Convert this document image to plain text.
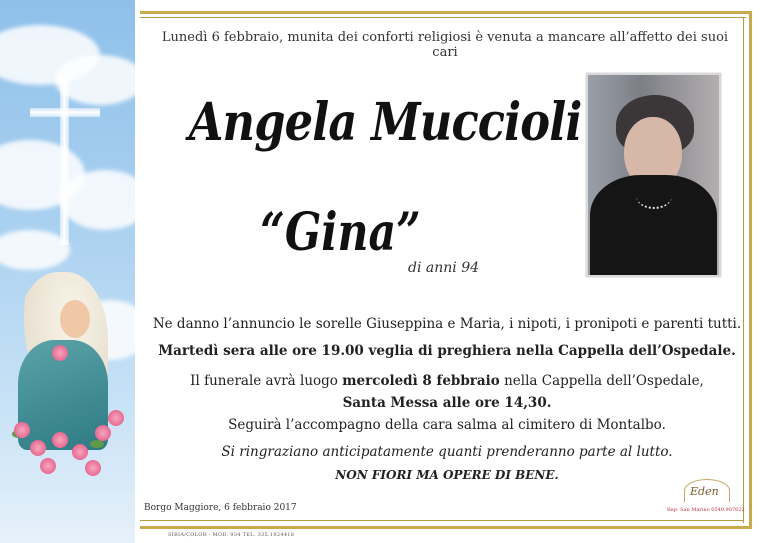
Lunedì 6 febbraio, munita dei conforti religiosi è venuta a mancare all’affetto dei suoi cari
Angela Muccioli
“Gina”
di anni 94
Ne danno l’annuncio le sorelle Giuseppina e Maria, i nipoti, i pronipoti e parenti tutti.
Martedì sera alle ore 19.00 veglia di preghiera nella Cappella dell’Ospedale.
Il funerale avrà luogo mercoledì 8 febbraio nella Cappella dell’Ospedale,
Santa Messa alle ore 14,30.
Seguirà l’accompagno della cara salma al cimitero di Montalbo.
Si ringraziano anticipatamente quanti prenderanno parte al lutto.
NON FIORI MA OPERE DI BENE.
Borgo Maggiore, 6 febbraio 2017
SIBIA/COLOR - MOD. 934 TEL. 335.1924418
Eden
Rep. San Marino 0549.907622
